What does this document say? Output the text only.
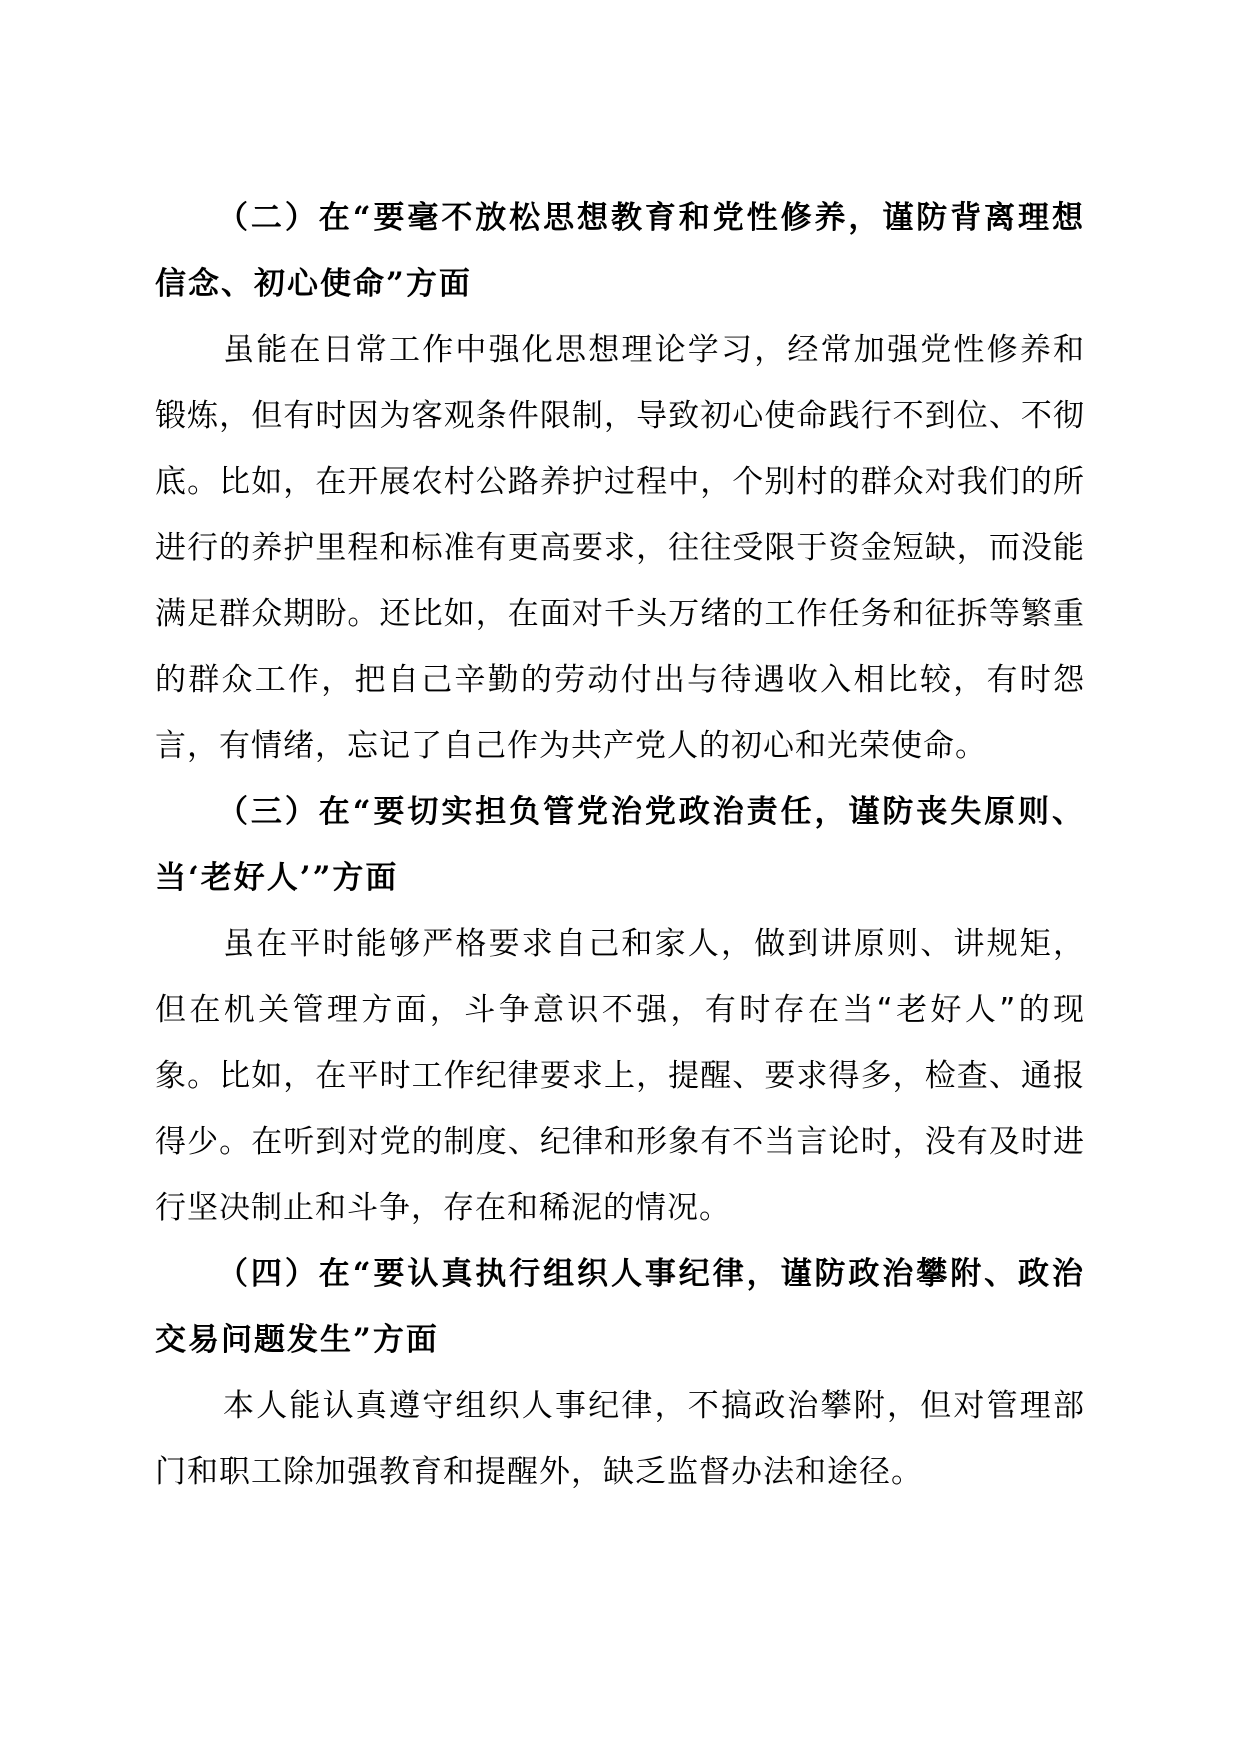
（二）在“要毫不放松思想教育和党性修养，谨防背离理想信念、初心使命”方面

虽能在日常工作中强化思想理论学习，经常加强党性修养和锻炼，但有时因为客观条件限制，导致初心使命践行不到位、不彻底。比如，在开展农村公路养护过程中，个别村的群众对我们的所进行的养护里程和标准有更高要求，往往受限于资金短缺，而没能满足群众期盼。还比如，在面对千头万绪的工作任务和征拆等繁重的群众工作，把自己辛勤的劳动付出与待遇收入相比较，有时怨言，有情绪，忘记了自己作为共产党人的初心和光荣使命。

（三）在“要切实担负管党治党政治责任，谨防丧失原则、当‘老好人’”方面

虽在平时能够严格要求自己和家人，做到讲原则、讲规矩，但在机关管理方面，斗争意识不强，有时存在当“老好人”的现象。比如，在平时工作纪律要求上，提醒、要求得多，检查、通报得少。在听到对党的制度、纪律和形象有不当言论时，没有及时进行坚决制止和斗争，存在和稀泥的情况。

（四）在“要认真执行组织人事纪律，谨防政治攀附、政治交易问题发生”方面

本人能认真遵守组织人事纪律，不搞政治攀附，但对管理部门和职工除加强教育和提醒外，缺乏监督办法和途径。
